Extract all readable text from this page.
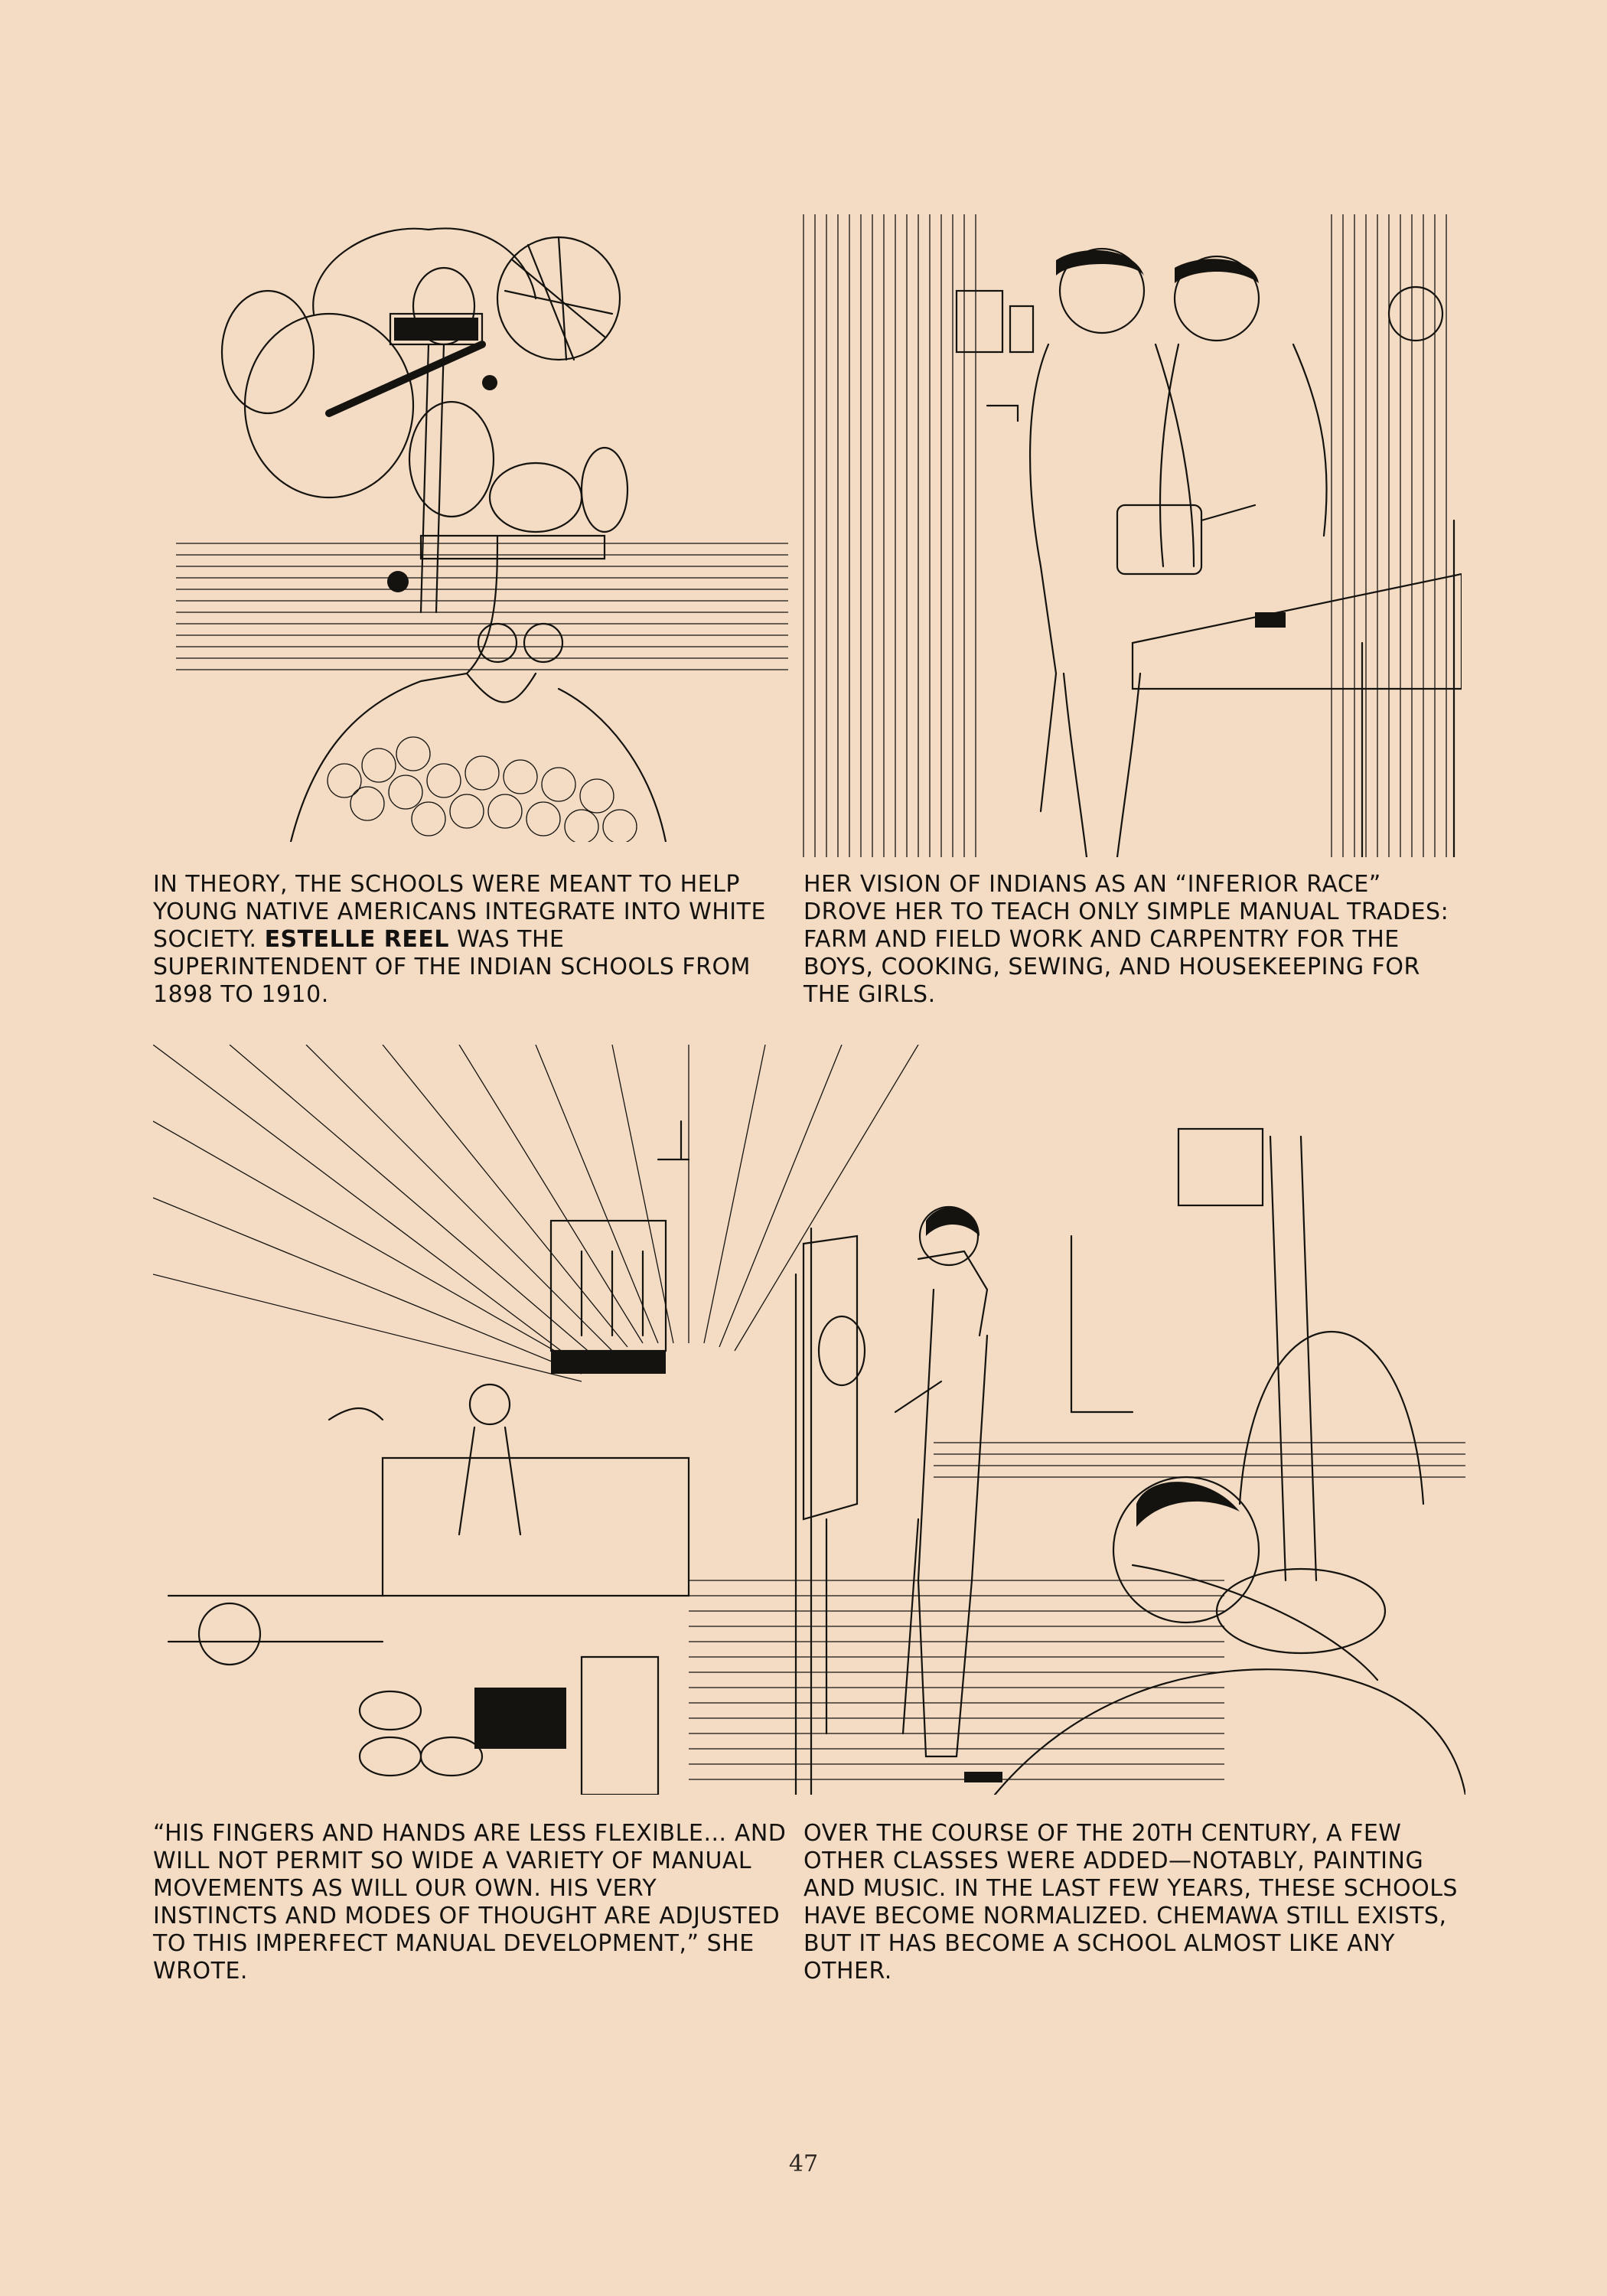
IN THEORY, THE SCHOOLS WERE MEANT TO HELP YOUNG NATIVE AMERICANS INTEGRATE INTO WHITE SOCIETY. ESTELLE REEL WAS THE SUPERINTENDENT OF THE INDIAN SCHOOLS FROM 1898 TO 1910.

HER VISION OF INDIANS AS AN “INFERIOR RACE” DROVE HER TO TEACH ONLY SIMPLE MANUAL TRADES: FARM AND FIELD WORK AND CARPENTRY FOR THE BOYS, COOKING, SEWING, AND HOUSEKEEPING FOR THE GIRLS.

“HIS FINGERS AND HANDS ARE LESS FLEXIBLE… AND WILL NOT PERMIT SO WIDE A VARIETY OF MANUAL MOVEMENTS AS WILL OUR OWN. HIS VERY INSTINCTS AND MODES OF THOUGHT ARE ADJUSTED TO THIS IMPERFECT MANUAL DEVELOPMENT,” SHE WROTE.

OVER THE COURSE OF THE 20TH CENTURY, A FEW OTHER CLASSES WERE ADDED—NOTABLY, PAINTING AND MUSIC. IN THE LAST FEW YEARS, THESE SCHOOLS HAVE BECOME NORMALIZED. CHEMAWA STILL EXISTS, BUT IT HAS BECOME A SCHOOL ALMOST LIKE ANY OTHER.

47
